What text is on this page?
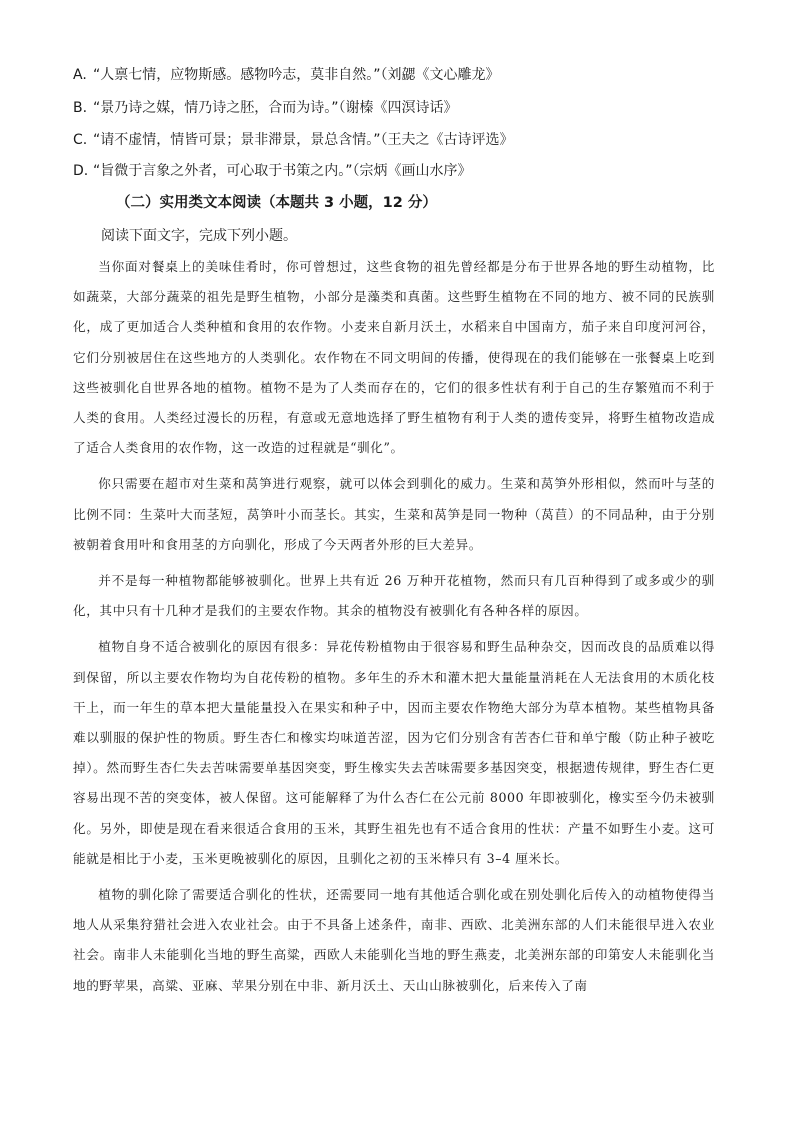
A. “人禀七情，应物斯感。感物吟志，莫非自然。”（刘勰《文心雕龙》
B. “景乃诗之媒，情乃诗之胚，合而为诗。”（谢榛《四溟诗话》
C. “请不虚情，情皆可景；景非滞景，景总含情。”（王夫之《古诗评选》
D. “旨微于言象之外者，可心取于书策之内。”（宗炳《画山水序》
（二）实用类文本阅读（本题共 3 小题，12 分）
阅读下面文字，完成下列小题。

当你面对餐桌上的美味佳肴时，你可曾想过，这些食物的祖先曾经都是分布于世界各地的野生动植物，比如蔬菜，大部分蔬菜的祖先是野生植物，小部分是藻类和真菌。这些野生植物在不同的地方、被不同的民族驯化，成了更加适合人类种植和食用的农作物。小麦来自新月沃土，水稻来自中国南方，茄子来自印度河河谷，它们分别被居住在这些地方的人类驯化。农作物在不同文明间的传播，使得现在的我们能够在一张餐桌上吃到这些被驯化自世界各地的植物。植物不是为了人类而存在的，它们的很多性状有利于自己的生存繁殖而不利于人类的食用。人类经过漫长的历程，有意或无意地选择了野生植物有利于人类的遗传变异，将野生植物改造成了适合人类食用的农作物，这一改造的过程就是“驯化”。

你只需要在超市对生菜和莴笋进行观察，就可以体会到驯化的威力。生菜和莴笋外形相似，然而叶与茎的比例不同：生菜叶大而茎短，莴笋叶小而茎长。其实，生菜和莴笋是同一物种（莴苣）的不同品种，由于分别被朝着食用叶和食用茎的方向驯化，形成了今天两者外形的巨大差异。

并不是每一种植物都能够被驯化。世界上共有近 26 万种开花植物，然而只有几百种得到了或多或少的驯化，其中只有十几种才是我们的主要农作物。其余的植物没有被驯化有各种各样的原因。

植物自身不适合被驯化的原因有很多：异花传粉植物由于很容易和野生品种杂交，因而改良的品质难以得到保留，所以主要农作物均为自花传粉的植物。多年生的乔木和灌木把大量能量消耗在人无法食用的木质化枝干上，而一年生的草本把大量能量投入在果实和种子中，因而主要农作物绝大部分为草本植物。某些植物具备难以驯服的保护性的物质。野生杏仁和橡实均味道苦涩，因为它们分别含有苦杏仁苷和单宁酸（防止种子被吃掉）。然而野生杏仁失去苦味需要单基因突变，野生橡实失去苦味需要多基因突变，根据遗传规律，野生杏仁更容易出现不苦的突变体，被人保留。这可能解释了为什么杏仁在公元前 8000 年即被驯化，橡实至今仍未被驯化。另外，即使是现在看来很适合食用的玉米，其野生祖先也有不适合食用的性状：产量不如野生小麦。这可能就是相比于小麦，玉米更晚被驯化的原因，且驯化之初的玉米棒只有 3–4 厘米长。

植物的驯化除了需要适合驯化的性状，还需要同一地有其他适合驯化或在别处驯化后传入的动植物使得当地人从采集狩猎社会进入农业社会。由于不具备上述条件，南非、西欧、北美洲东部的人们未能很早进入农业社会。南非人未能驯化当地的野生高粱，西欧人未能驯化当地的野生燕麦，北美洲东部的印第安人未能驯化当地的野苹果，高粱、亚麻、苹果分别在中非、新月沃土、天山山脉被驯化，后来传入了南
